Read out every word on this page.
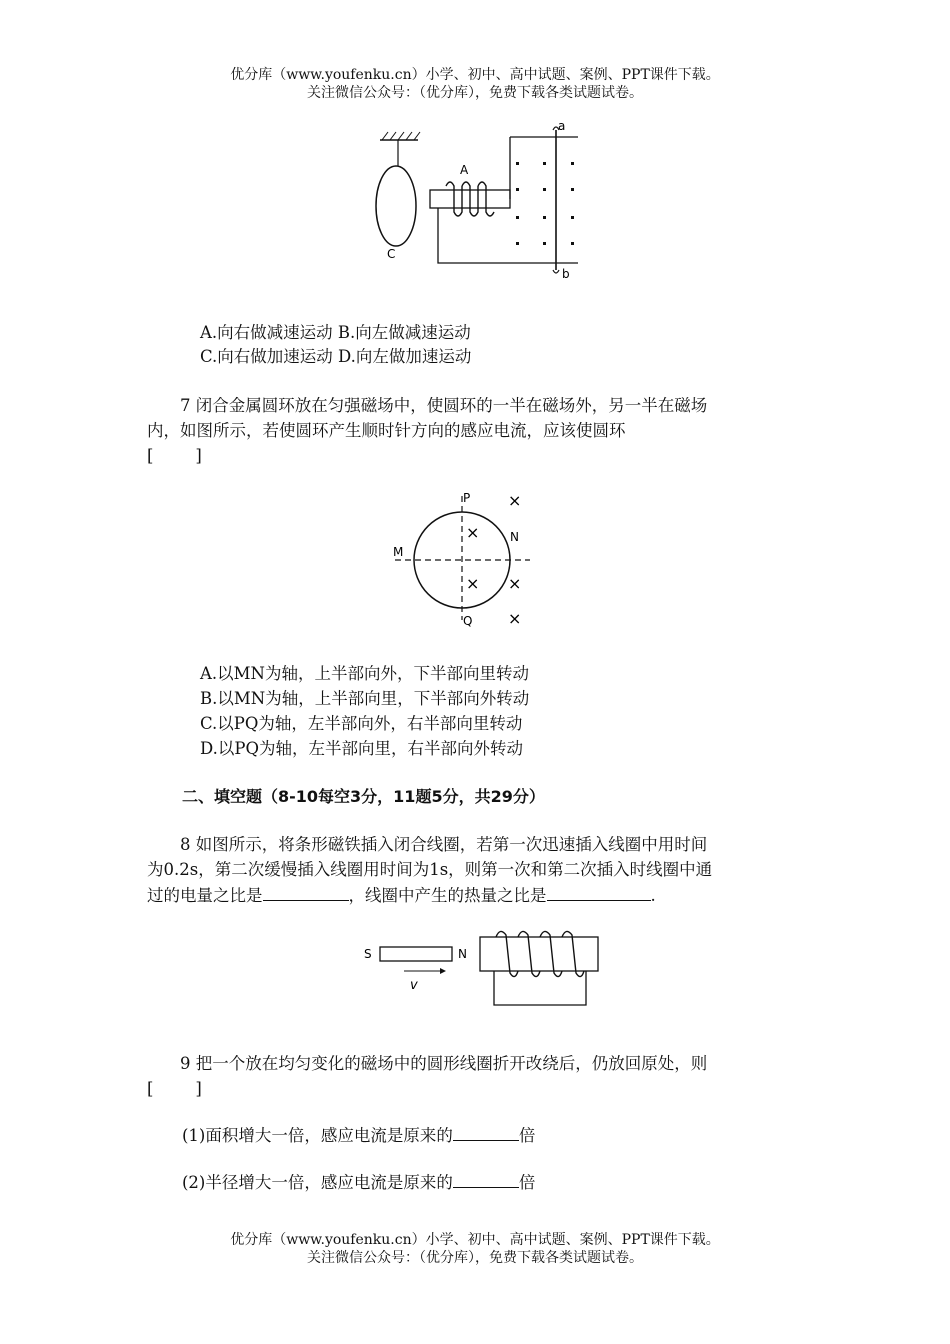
优分库（www.youfenku.cn）小学、初中、高中试题、案例、PPT课件下载。
关注微信公众号：（优分库），免费下载各类试题试卷。
C
A
a
b
A.向右做减速运动 B.向左做减速运动
C.向右做加速运动 D.向左做加速运动
7 闭合金属圆环放在匀强磁场中，使圆环的一半在磁场外，另一半在磁场
内，如图所示，若使圆环产生顺时针方向的感应电流，应该使圆环
[        ]
P
Q
M
N
×
×
× ×
×
A.以MN为轴，上半部向外，下半部向里转动
B.以MN为轴，上半部向里，下半部向外转动
C.以PQ为轴，左半部向外，右半部向里转动
D.以PQ为轴，左半部向里，右半部向外转动
二、填空题（8-10每空3分，11题5分，共29分）
8 如图所示，将条形磁铁插入闭合线圈，若第一次迅速插入线圈中用时间
为0.2s，第二次缓慢插入线圈用时间为1s，则第一次和第二次插入时线圈中通
过的电量之比是	，线圈中产生的热量之比是	.
S	N
v
9 把一个放在均匀变化的磁场中的圆形线圈折开改绕后，仍放回原处，则
[        ]
(1)面积增大一倍，感应电流是原来的	倍
(2)半径增大一倍，感应电流是原来的	倍
优分库（www.youfenku.cn）小学、初中、高中试题、案例、PPT课件下载。
关注微信公众号：（优分库），免费下载各类试题试卷。
